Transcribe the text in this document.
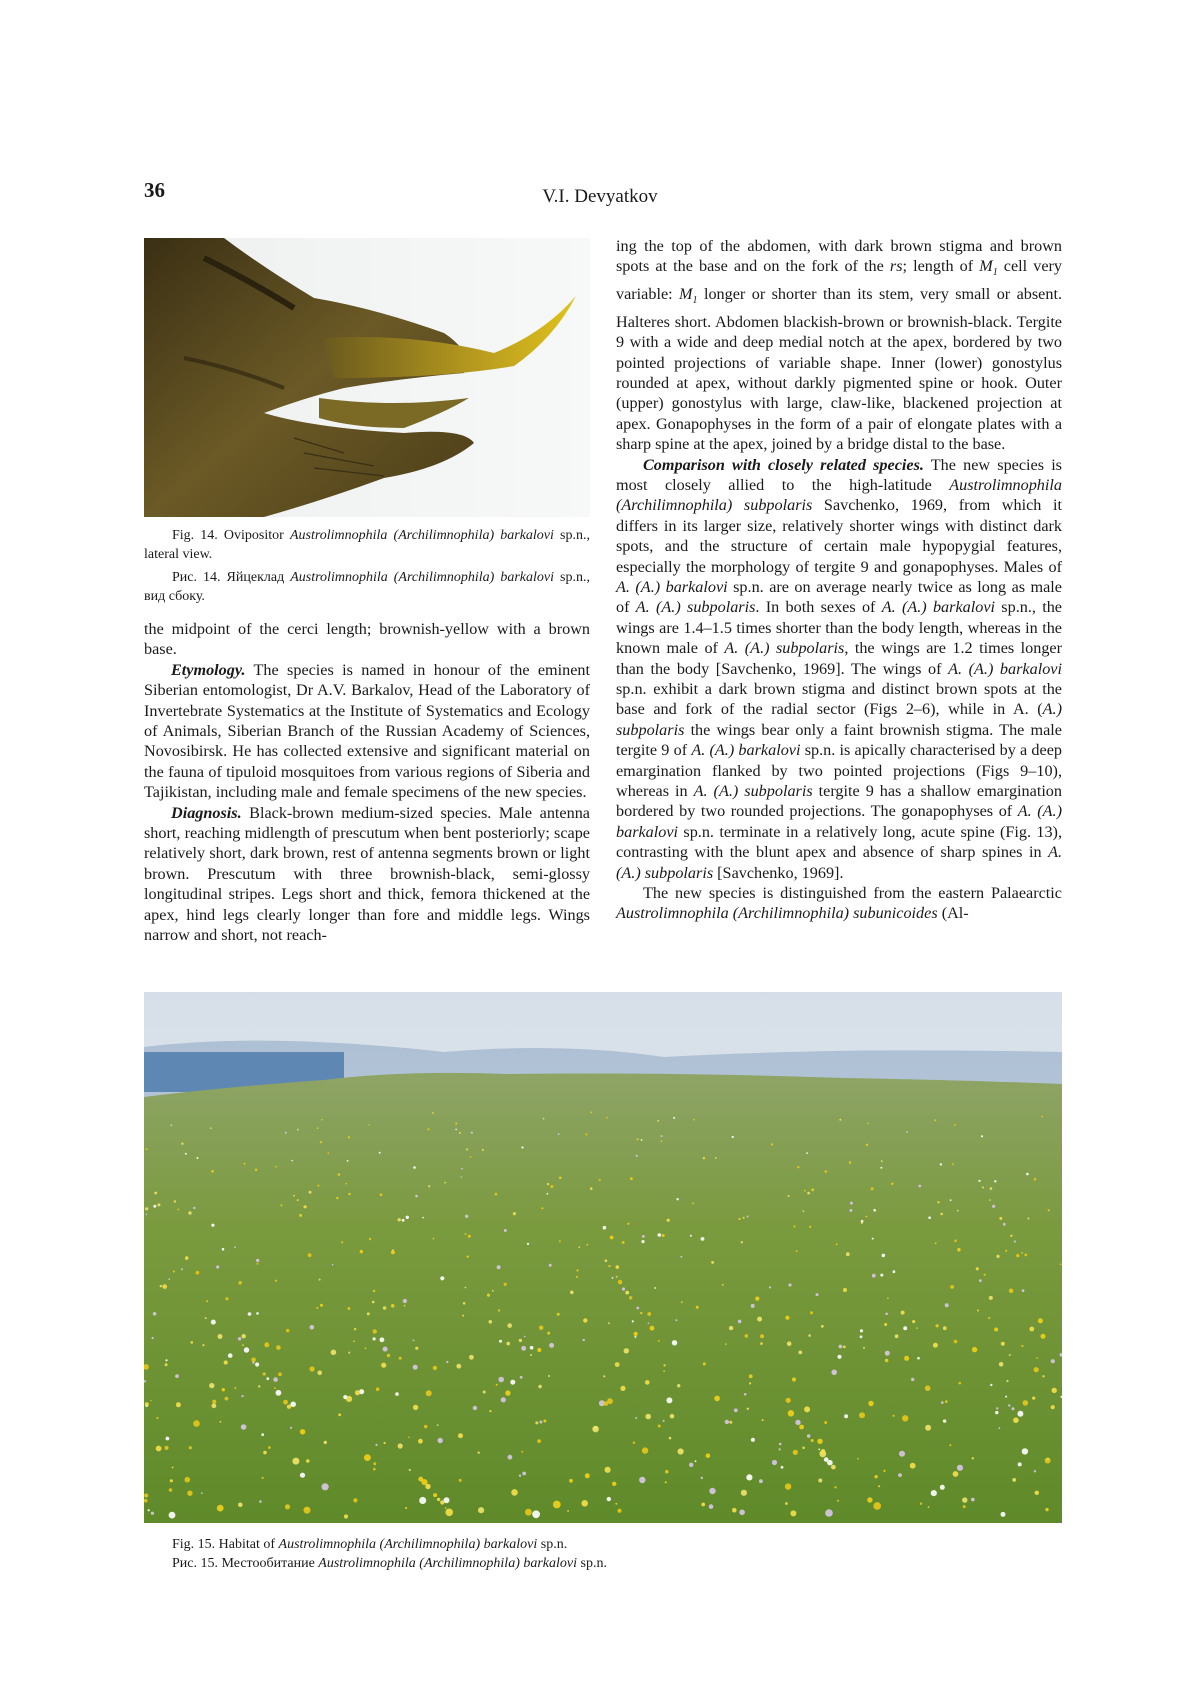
36	V.I. Devyatkov

Fig. 14. Ovipositor Austrolimnophila (Archilimnophila) barkalovi sp.n., lateral view.

Рис. 14. Яйцеклад Austrolimnophila (Archilimnophila) barkalovi sp.n., вид сбоку.

the midpoint of the cerci length; brownish-yellow with a brown base.

Etymology. The species is named in honour of the eminent Siberian entomologist, Dr A.V. Barkalov, Head of the Laboratory of Invertebrate Systematics at the Institute of Systematics and Ecology of Animals, Siberian Branch of the Russian Academy of Sciences, Novosibirsk. He has collected extensive and significant material on the fauna of tipuloid mosquitoes from various regions of Siberia and Tajikistan, including male and female specimens of the new species.

Diagnosis. Black-brown medium-sized species. Male antenna short, reaching midlength of prescutum when bent posteriorly; scape relatively short, dark brown, rest of antenna segments brown or light brown. Prescutum with three brownish-black, semi-glossy longitudinal stripes. Legs short and thick, femora thickened at the apex, hind legs clearly longer than fore and middle legs. Wings narrow and short, not reach-

ing the top of the abdomen, with dark brown stigma and brown spots at the base and on the fork of the rs; length of $M_1$ cell very variable: $M_1$ longer or shorter than its stem, very small or absent. Halteres short. Abdomen blackish-brown or brownish-black. Tergite 9 with a wide and deep medial notch at the apex, bordered by two pointed projections of variable shape. Inner (lower) gonostylus rounded at apex, without darkly pigmented spine or hook. Outer (upper) gonostylus with large, claw-like, blackened projection at apex. Gonapophyses in the form of a pair of elongate plates with a sharp spine at the apex, joined by a bridge distal to the base.

Comparison with closely related species. The new species is most closely allied to the high-latitude Austrolimnophila (Archilimnophila) subpolaris Savchenko, 1969, from which it differs in its larger size, relatively shorter wings with distinct dark spots, and the structure of certain male hypopygial features, especially the morphology of tergite 9 and gonapophyses. Males of A. (A.) barkalovi sp.n. are on average nearly twice as long as male of A. (A.) subpolaris. In both sexes of A. (A.) barkalovi sp.n., the wings are 1.4–1.5 times shorter than the body length, whereas in the known male of A. (A.) subpolaris, the wings are 1.2 times longer than the body [Savchenko, 1969]. The wings of A. (A.) barkalovi sp.n. exhibit a dark brown stigma and distinct brown spots at the base and fork of the radial sector (Figs 2–6), while in A. (A.) subpolaris the wings bear only a faint brownish stigma. The male tergite 9 of A. (A.) barkalovi sp.n. is apically characterised by a deep emargination flanked by two pointed projections (Figs 9–10), whereas in A. (A.) subpolaris tergite 9 has a shallow emargination bordered by two rounded projections. The gonapophyses of A. (A.) barkalovi sp.n. terminate in a relatively long, acute spine (Fig. 13), contrasting with the blunt apex and absence of sharp spines in A. (A.) subpolaris [Savchenko, 1969].

The new species is distinguished from the eastern Palaearctic Austrolimnophila (Archilimnophila) subunicoides (Al-

Fig. 15. Habitat of Austrolimnophila (Archilimnophila) barkalovi sp.n.

Рис. 15. Местообитание Austrolimnophila (Archilimnophila) barkalovi sp.n.
